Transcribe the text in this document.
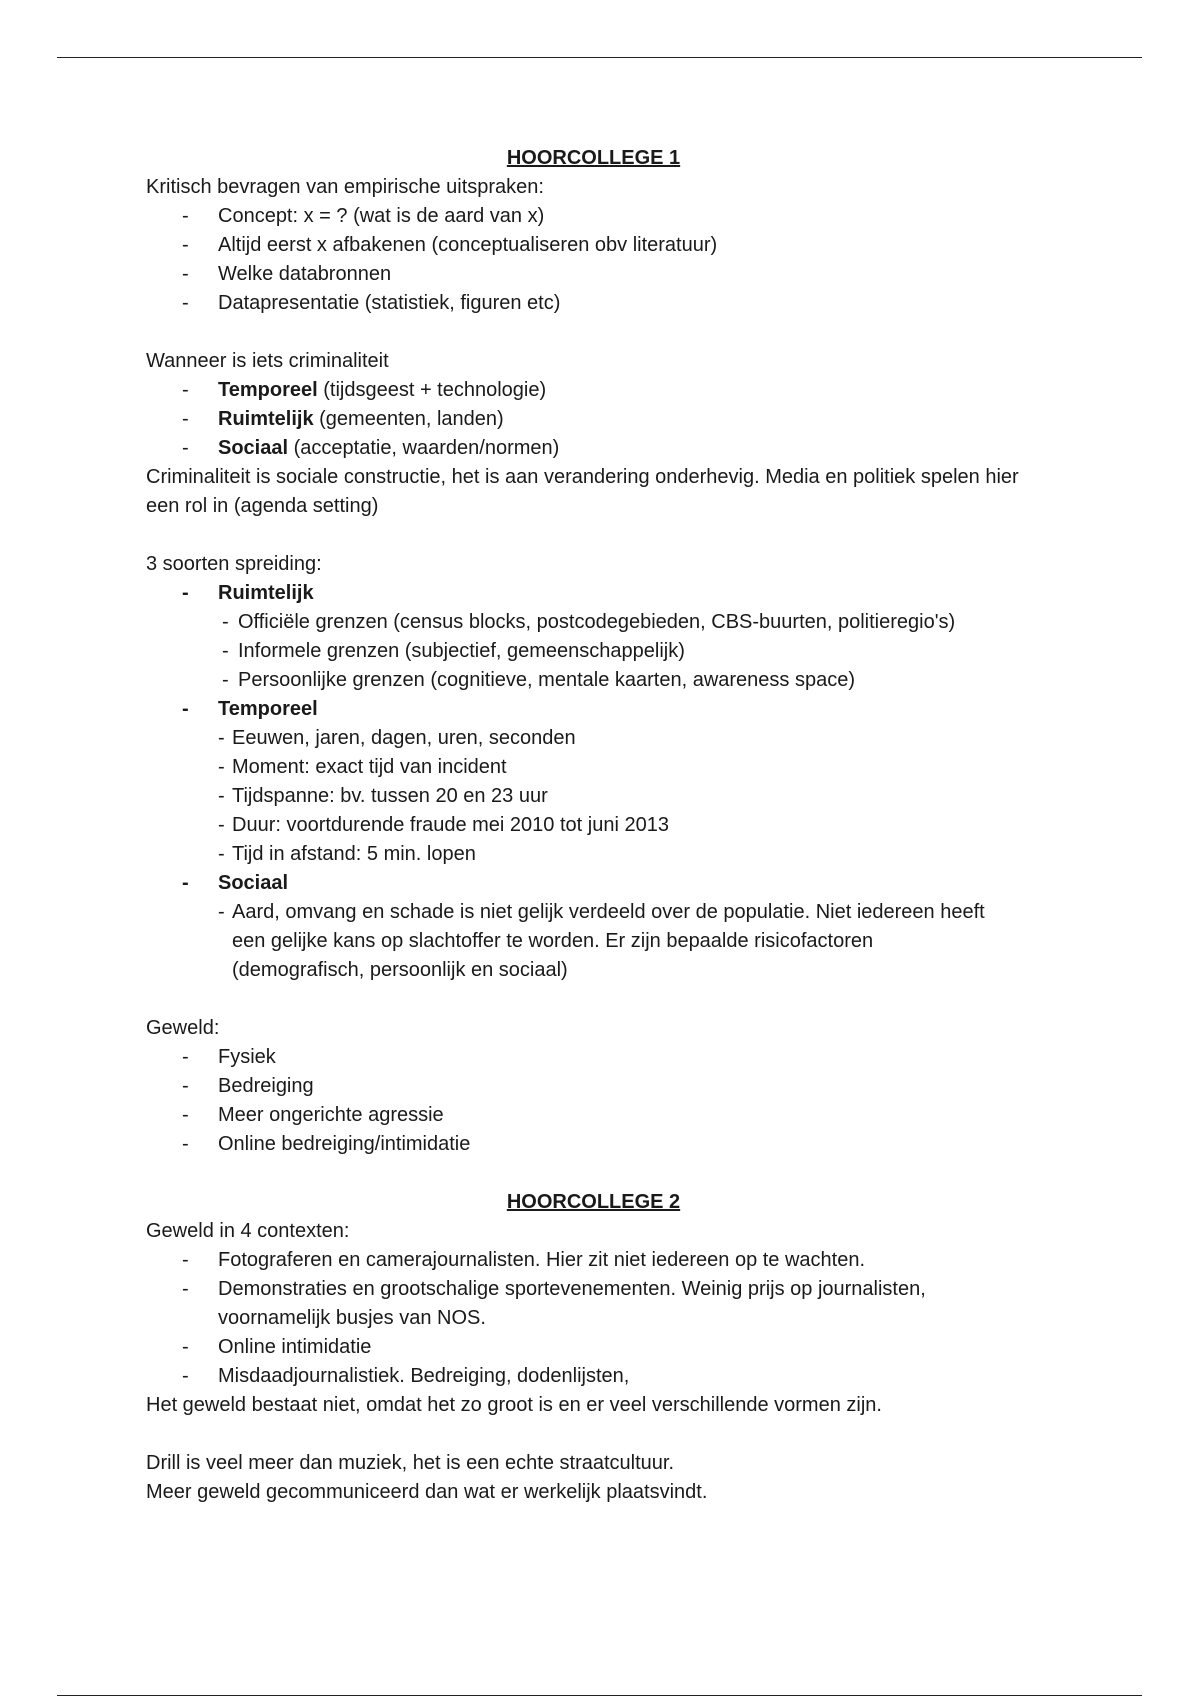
HOORCOLLEGE 1
Kritisch bevragen van empirische uitspraken:
- Concept: x = ? (wat is de aard van x)
- Altijd eerst x afbakenen (conceptualiseren obv literatuur)
- Welke databronnen
- Datapresentatie (statistiek, figuren etc)
Wanneer is iets criminaliteit
- Temporeel (tijdsgeest + technologie)
- Ruimtelijk (gemeenten, landen)
- Sociaal (acceptatie, waarden/normen)
Criminaliteit is sociale constructie, het is aan verandering onderhevig. Media en politiek spelen hier een rol in (agenda setting)
3 soorten spreiding:
- Ruimtelijk
- Officiële grenzen (census blocks, postcodegebieden, CBS-buurten, politieregio's)
- Informele grenzen (subjectief, gemeenschappelijk)
- Persoonlijke grenzen (cognitieve, mentale kaarten, awareness space)
- Temporeel
- Eeuwen, jaren, dagen, uren, seconden
- Moment: exact tijd van incident
- Tijdspanne: bv. tussen 20 en 23 uur
- Duur: voortdurende fraude mei 2010 tot juni 2013
- Tijd in afstand: 5 min. lopen
- Sociaal
- Aard, omvang en schade is niet gelijk verdeeld over de populatie. Niet iedereen heeft een gelijke kans op slachtoffer te worden. Er zijn bepaalde risicofactoren (demografisch, persoonlijk en sociaal)
Geweld:
- Fysiek
- Bedreiging
- Meer ongerichte agressie
- Online bedreiging/intimidatie
HOORCOLLEGE 2
Geweld in 4 contexten:
- Fotograferen en camerajournalisten. Hier zit niet iedereen op te wachten.
- Demonstraties en grootschalige sportevenementen. Weinig prijs op journalisten, voornamelijk busjes van NOS.
- Online intimidatie
- Misdaadjournalistiek. Bedreiging, dodenlijsten,
Het geweld bestaat niet, omdat het zo groot is en er veel verschillende vormen zijn.
Drill is veel meer dan muziek, het is een echte straatcultuur.
Meer geweld gecommuniceerd dan wat er werkelijk plaatsvindt.
